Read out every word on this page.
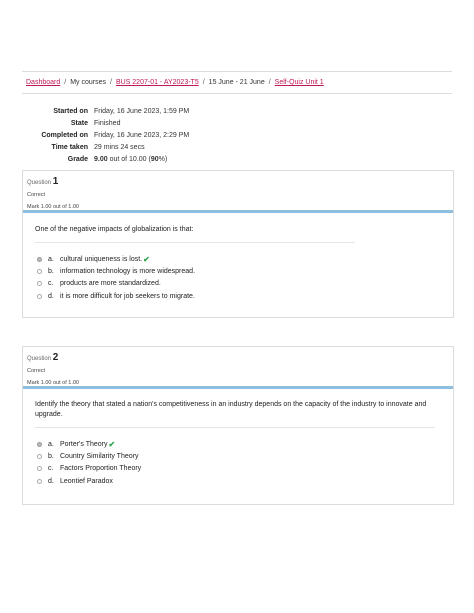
Dashboard / My courses / BUS 2207-01 - AY2023-T5 / 15 June - 21 June / Self-Quiz Unit 1
Started on Friday, 16 June 2023, 1:59 PM
State Finished
Completed on Friday, 16 June 2023, 2:29 PM
Time taken 29 mins 24 secs
Grade 9.00 out of 10.00 (90%)
Question 1
Correct
Mark 1.00 out of 1.00
One of the negative impacts of globalization is that:
a. cultural uniqueness is lost. ✔
b. information technology is more widespread.
c. products are more standardized.
d. it is more difficult for job seekers to migrate.
Question 2
Correct
Mark 1.00 out of 1.00
Identify the theory that stated a nation's competitiveness in an industry depends on the capacity of the industry to innovate and upgrade.
a. Porter's Theory ✔
b. Country Similarity Theory
c. Factors Proportion Theory
d. Leontief Paradox
